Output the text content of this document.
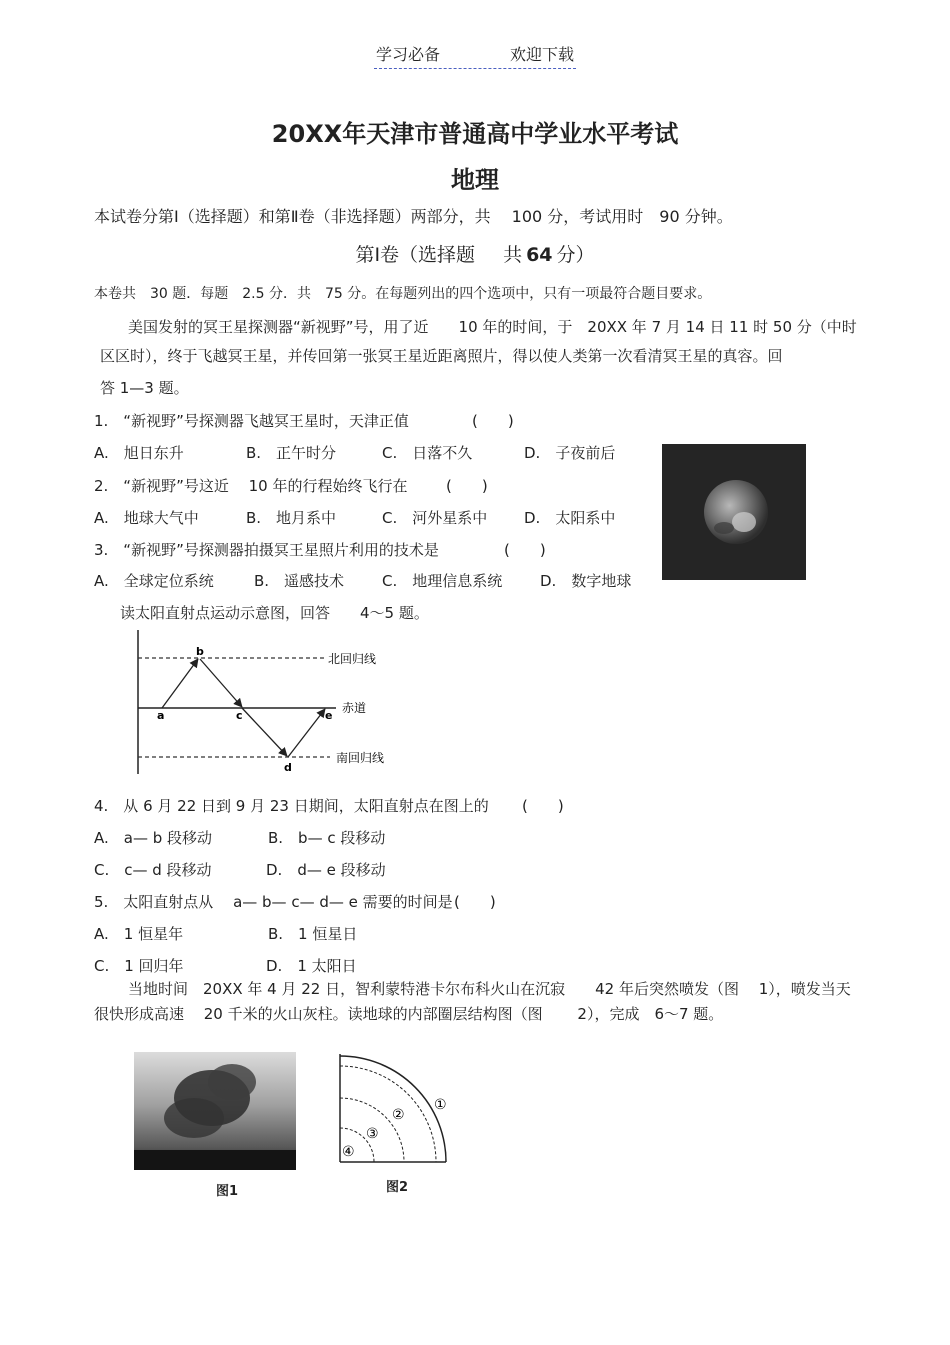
学习必备	欢迎下载
20XX年天津市普通高中学业水平考试
地理
本试卷分第Ⅰ（选择题）和第Ⅱ卷（非选择题）两部分，共　 100 分，考试用时　90 分钟。
第Ⅰ卷（选择题 共 64 分）
本卷共　30 题．每题　2.5 分．共　75 分。在每题列出的四个选项中，只有一项最符合题目要求。
美国发射的冥王星探测器“新视野”号，用了近　　10 年的时间，于　20XX 年 7 月 14 日 11 时 50 分（中时
区区时），终于飞越冥王星，并传回第一张冥王星近距离照片，得以使人类第一次看清冥王星的真容。回
答 1—3 题。
1.　“新视野”号探测器飞越冥王星时，天津正值	(　　)
A.　旭日东升	B.　正午时分	C.　日落不久	D.　子夜前后
2.　“新视野”号这近　 10 年的行程始终飞行在	(　　)
A.　地球大气中	B.　地月系中	C.　河外星系中 D.　太阳系中
3.　“新视野”号探测器拍摄冥王星照片利用的技术是	(　　)
A.　全球定位系统	B.　遥感技术	C.　地理信息系统	D.　数字地球
读太阳直射点运动示意图，回答　　4～5 题。
a
b
c
d
e
北回归线
赤道
南回归线
4.　从 6 月 22 日到 9 月 23 日期间，太阳直射点在图上的 (　　)
A.　a— b 段移动	B.　b— c 段移动
C.　c— d 段移动	D.　d— e 段移动
5.　太阳直射点从　 a— b— c— d— e 需要的时间是 (　　)
A.　1 恒星年	B.　1 恒星日
C.　1 回归年	D.　1 太阳日
当地时间　20XX 年 4 月 22 日，智利蒙特港卡尔布科火山在沉寂　　42 年后突然喷发（图　 1），喷发当天
很快形成高速　 20 千米的火山灰柱。读地球的内部圈层结构图（图　　 2），完成　6～7 题。
图1
①
②
③
④
图2
